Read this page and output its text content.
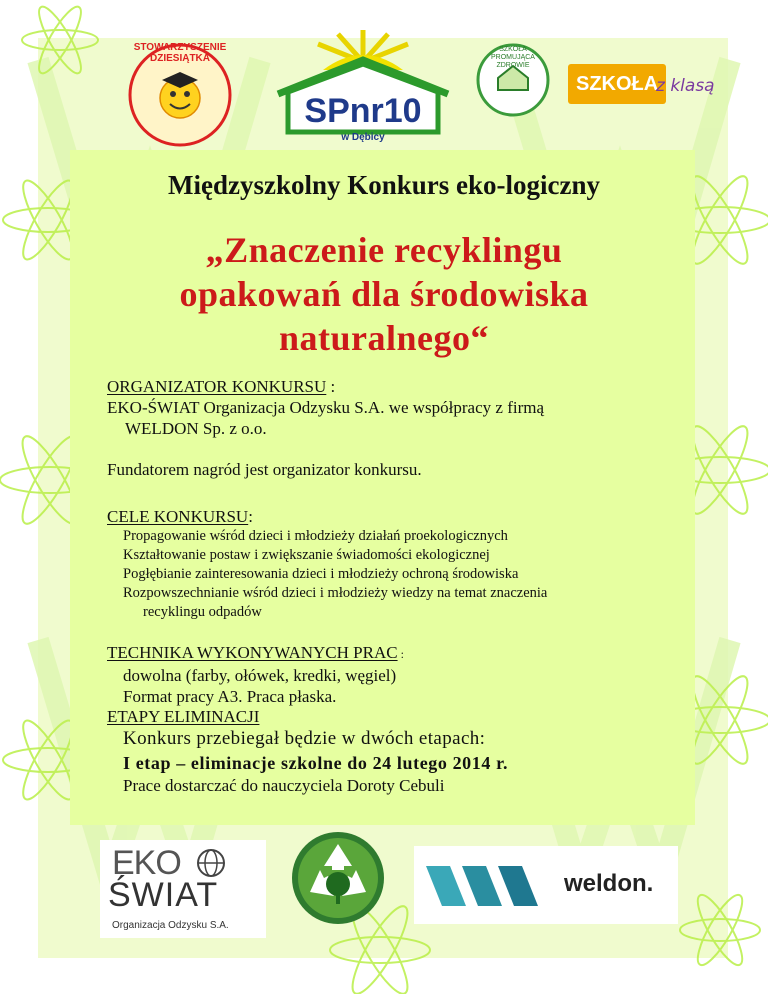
STOWARZYSZENIE DZIESIĄTKA
SPnr10
w Dębicy
SZKOŁA PROMUJĄCA ZDROWIE
SZKOŁA
z klasą
Międzyszkolny Konkurs eko-logiczny
„Znaczenie recyklingu
opakowań dla środowiska
naturalnego“
ORGANIZATOR KONKURSU :
EKO-ŚWIAT Organizacja Odzysku S.A. we współpracy z firmą
WELDON Sp. z o.o.
Fundatorem nagród jest organizator konkursu.
CELE KONKURSU:
Propagowanie wśród dzieci i młodzieży działań proekologicznych
Kształtowanie postaw i zwiększanie świadomości ekologicznej
Pogłębianie zainteresowania dzieci i młodzieży ochroną środowiska
Rozpowszechnianie wśród dzieci i młodzieży wiedzy na temat znaczenia
recyklingu odpadów
TECHNIKA WYKONYWANYCH PRAC :
dowolna (farby, ołówek, kredki, węgiel)
Format pracy A3. Praca płaska.
ETAPY ELIMINACJI
Konkurs przebiegał będzie w dwóch etapach:
I etap – eliminacje szkolne do 24 lutego 2014 r.
Prace dostarczać do nauczyciela Doroty Cebuli
EKO
ŚWIAT
Organizacja Odzysku S.A.
weldon.
